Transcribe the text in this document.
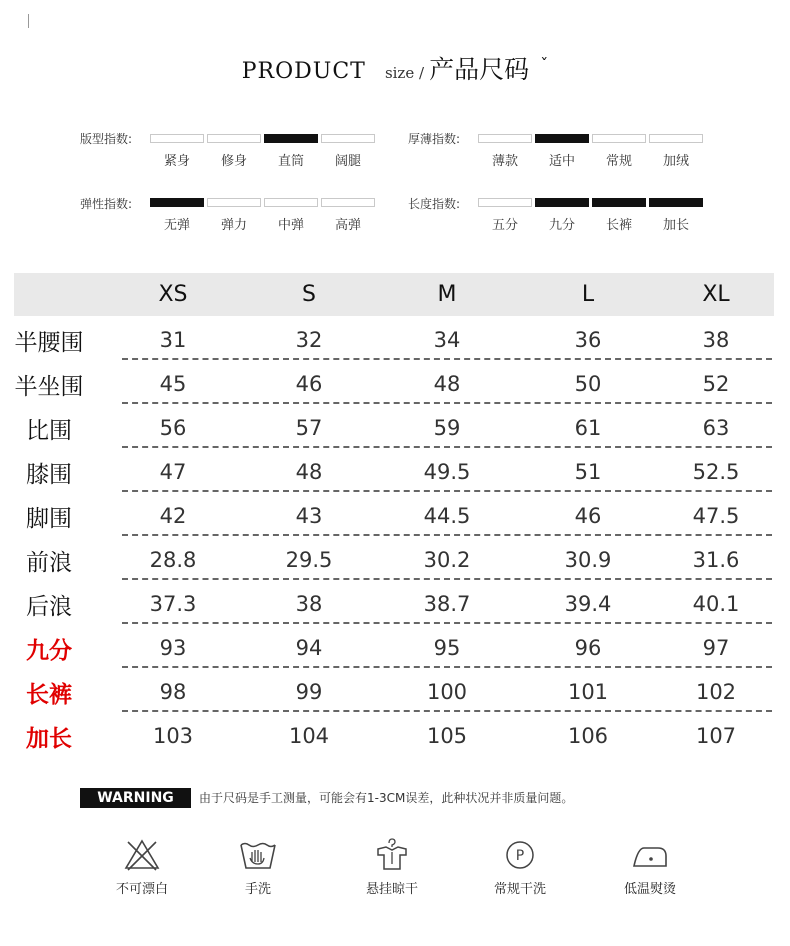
PRODUCT size / 产品尺码 ˇ
版型指数:
紧身	修身	直筒	阔腿
厚薄指数:
薄款	适中	常规	加绒
弹性指数:
无弹	弹力	中弹	高弹
长度指数:
五分	九分	长裤	加长
XS	S	M	L	XL
半腰围	31	32	34	36	38
半坐围	45	46	48	50	52
比围	56	57	59	61	63
膝围	47	48	49.5	51	52.5
脚围	42	43	44.5	46	47.5
前浪	28.8	29.5	30.2	30.9	31.6
后浪	37.3	38	38.7	39.4	40.1
九分	93	94	95	96	97
长裤	98	99	100	101	102
加长	103	104	105	106	107
WARNING	由于尺码是手工测量，可能会有1-3CM误差，此种状况并非质量问题。
不可漂白	手洗	悬挂晾干
P
常规干洗	低温熨烫
